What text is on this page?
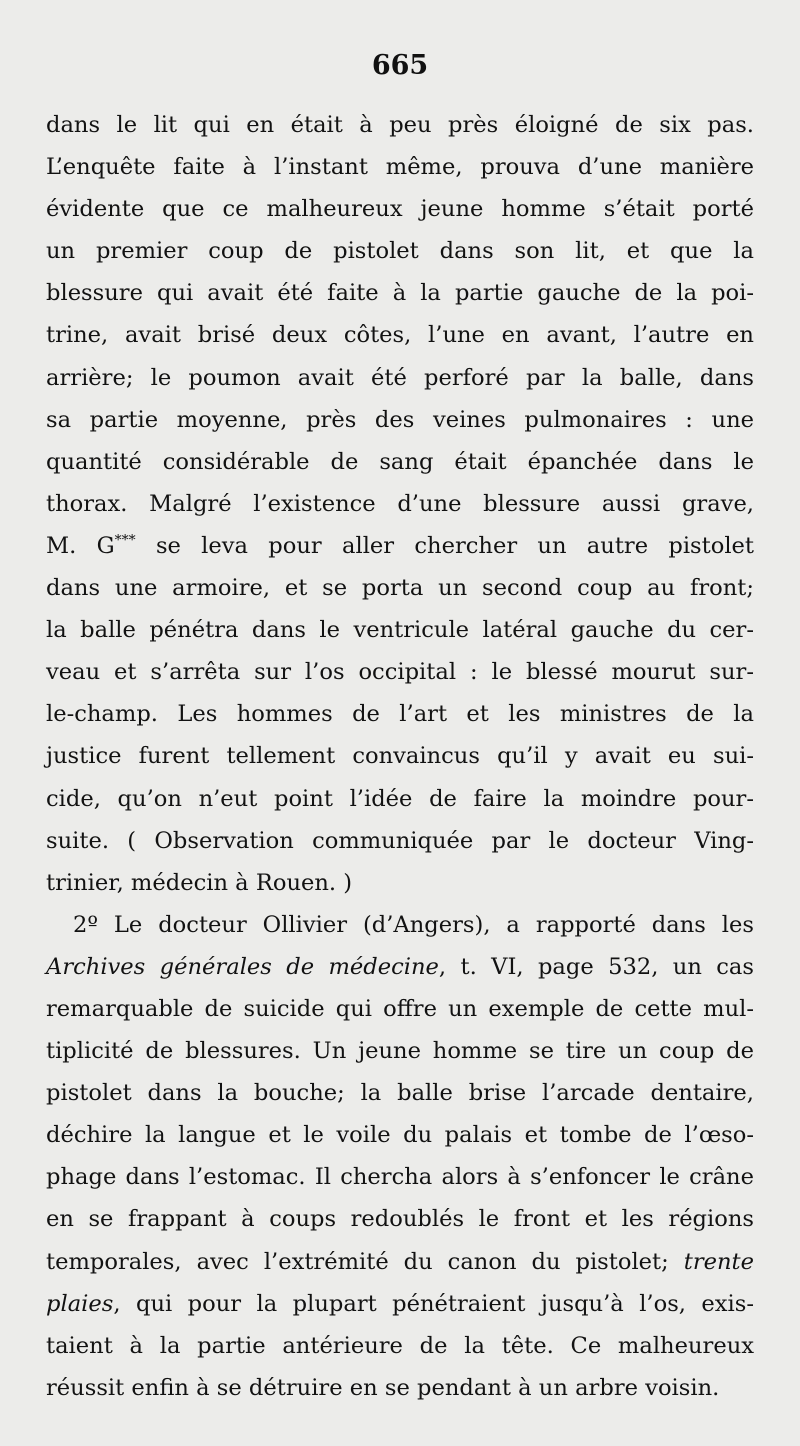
665
dans le lit qui en était à peu près éloigné de six pas.
L’enquête faite à l’instant même, prouva d’une manière
évidente que ce malheureux jeune homme s’était porté
un premier coup de pistolet dans son lit, et que la
blessure qui avait été faite à la partie gauche de la poi-
trine, avait brisé deux côtes, l’une en avant, l’autre en
arrière; le poumon avait été perforé par la balle, dans
sa partie moyenne, près des veines pulmonaires : une
quantité considérable de sang était épanchée dans le
thorax. Malgré l’existence d’une blessure aussi grave,
M. G*** se leva pour aller chercher un autre pistolet
dans une armoire, et se porta un second coup au front;
la balle pénétra dans le ventricule latéral gauche du cer-
veau et s’arrêta sur l’os occipital : le blessé mourut sur-
le-champ. Les hommes de l’art et les ministres de la
justice furent tellement convaincus qu’il y avait eu sui-
cide, qu’on n’eut point l’idée de faire la moindre pour-
suite. ( Observation communiquée par le docteur Ving-
trinier, médecin à Rouen. )
2º Le docteur Ollivier (d’Angers), a rapporté dans les
Archives générales de médecine, t. VI, page 532, un cas
remarquable de suicide qui offre un exemple de cette mul-
tiplicité de blessures. Un jeune homme se tire un coup de
pistolet dans la bouche; la balle brise l’arcade dentaire,
déchire la langue et le voile du palais et tombe de l’œso-
phage dans l’estomac. Il chercha alors à s’enfoncer le crâne
en se frappant à coups redoublés le front et les régions
temporales, avec l’extrémité du canon du pistolet; trente
plaies, qui pour la plupart pénétraient jusqu’à l’os, exis-
taient à la partie antérieure de la tête. Ce malheureux
réussit enfin à se détruire en se pendant à un arbre voisin.
